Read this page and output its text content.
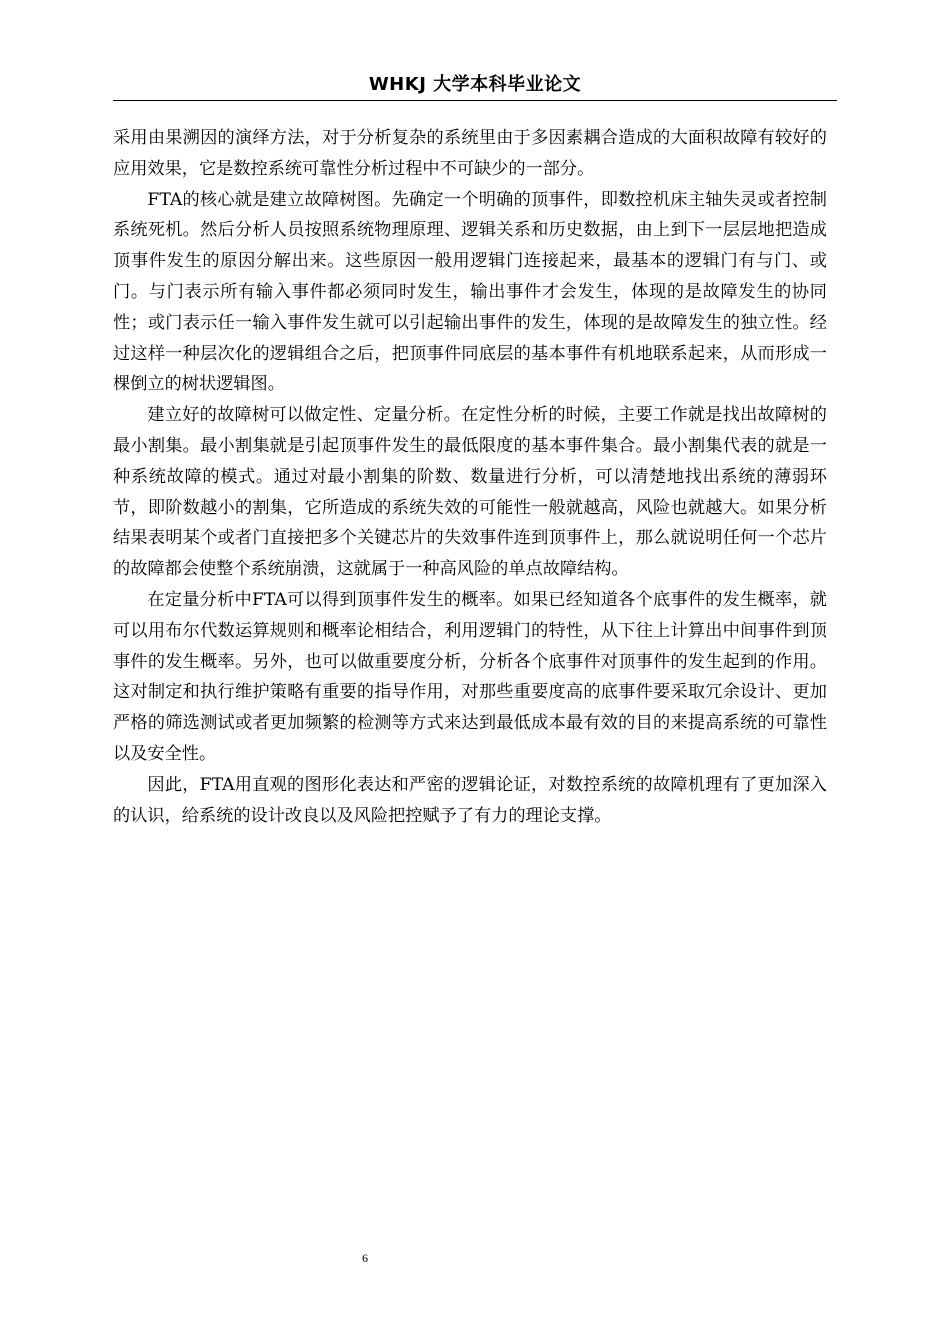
WHKJ 大学本科毕业论文

采用由果溯因的演绎方法，对于分析复杂的系统里由于多因素耦合造成的大面积故障有较好的应用效果，它是数控系统可靠性分析过程中不可缺少的一部分。

FTA的核心就是建立故障树图。先确定一个明确的顶事件，即数控机床主轴失灵或者控制系统死机。然后分析人员按照系统物理原理、逻辑关系和历史数据，由上到下一层层地把造成顶事件发生的原因分解出来。这些原因一般用逻辑门连接起来，最基本的逻辑门有与门、或门。与门表示所有输入事件都必须同时发生，输出事件才会发生，体现的是故障发生的协同性；或门表示任一输入事件发生就可以引起输出事件的发生，体现的是故障发生的独立性。经过这样一种层次化的逻辑组合之后，把顶事件同底层的基本事件有机地联系起来，从而形成一棵倒立的树状逻辑图。

建立好的故障树可以做定性、定量分析。在定性分析的时候，主要工作就是找出故障树的最小割集。最小割集就是引起顶事件发生的最低限度的基本事件集合。最小割集代表的就是一种系统故障的模式。通过对最小割集的阶数、数量进行分析，可以清楚地找出系统的薄弱环节，即阶数越小的割集，它所造成的系统失效的可能性一般就越高，风险也就越大。如果分析结果表明某个或者门直接把多个关键芯片的失效事件连到顶事件上，那么就说明任何一个芯片的故障都会使整个系统崩溃，这就属于一种高风险的单点故障结构。

在定量分析中FTA可以得到顶事件发生的概率。如果已经知道各个底事件的发生概率，就可以用布尔代数运算规则和概率论相结合，利用逻辑门的特性，从下往上计算出中间事件到顶事件的发生概率。另外，也可以做重要度分析，分析各个底事件对顶事件的发生起到的作用。这对制定和执行维护策略有重要的指导作用，对那些重要度高的底事件要采取冗余设计、更加严格的筛选测试或者更加频繁的检测等方式来达到最低成本最有效的目的来提高系统的可靠性以及安全性。

因此，FTA用直观的图形化表达和严密的逻辑论证，对数控系统的故障机理有了更加深入的认识，给系统的设计改良以及风险把控赋予了有力的理论支撑。

6
